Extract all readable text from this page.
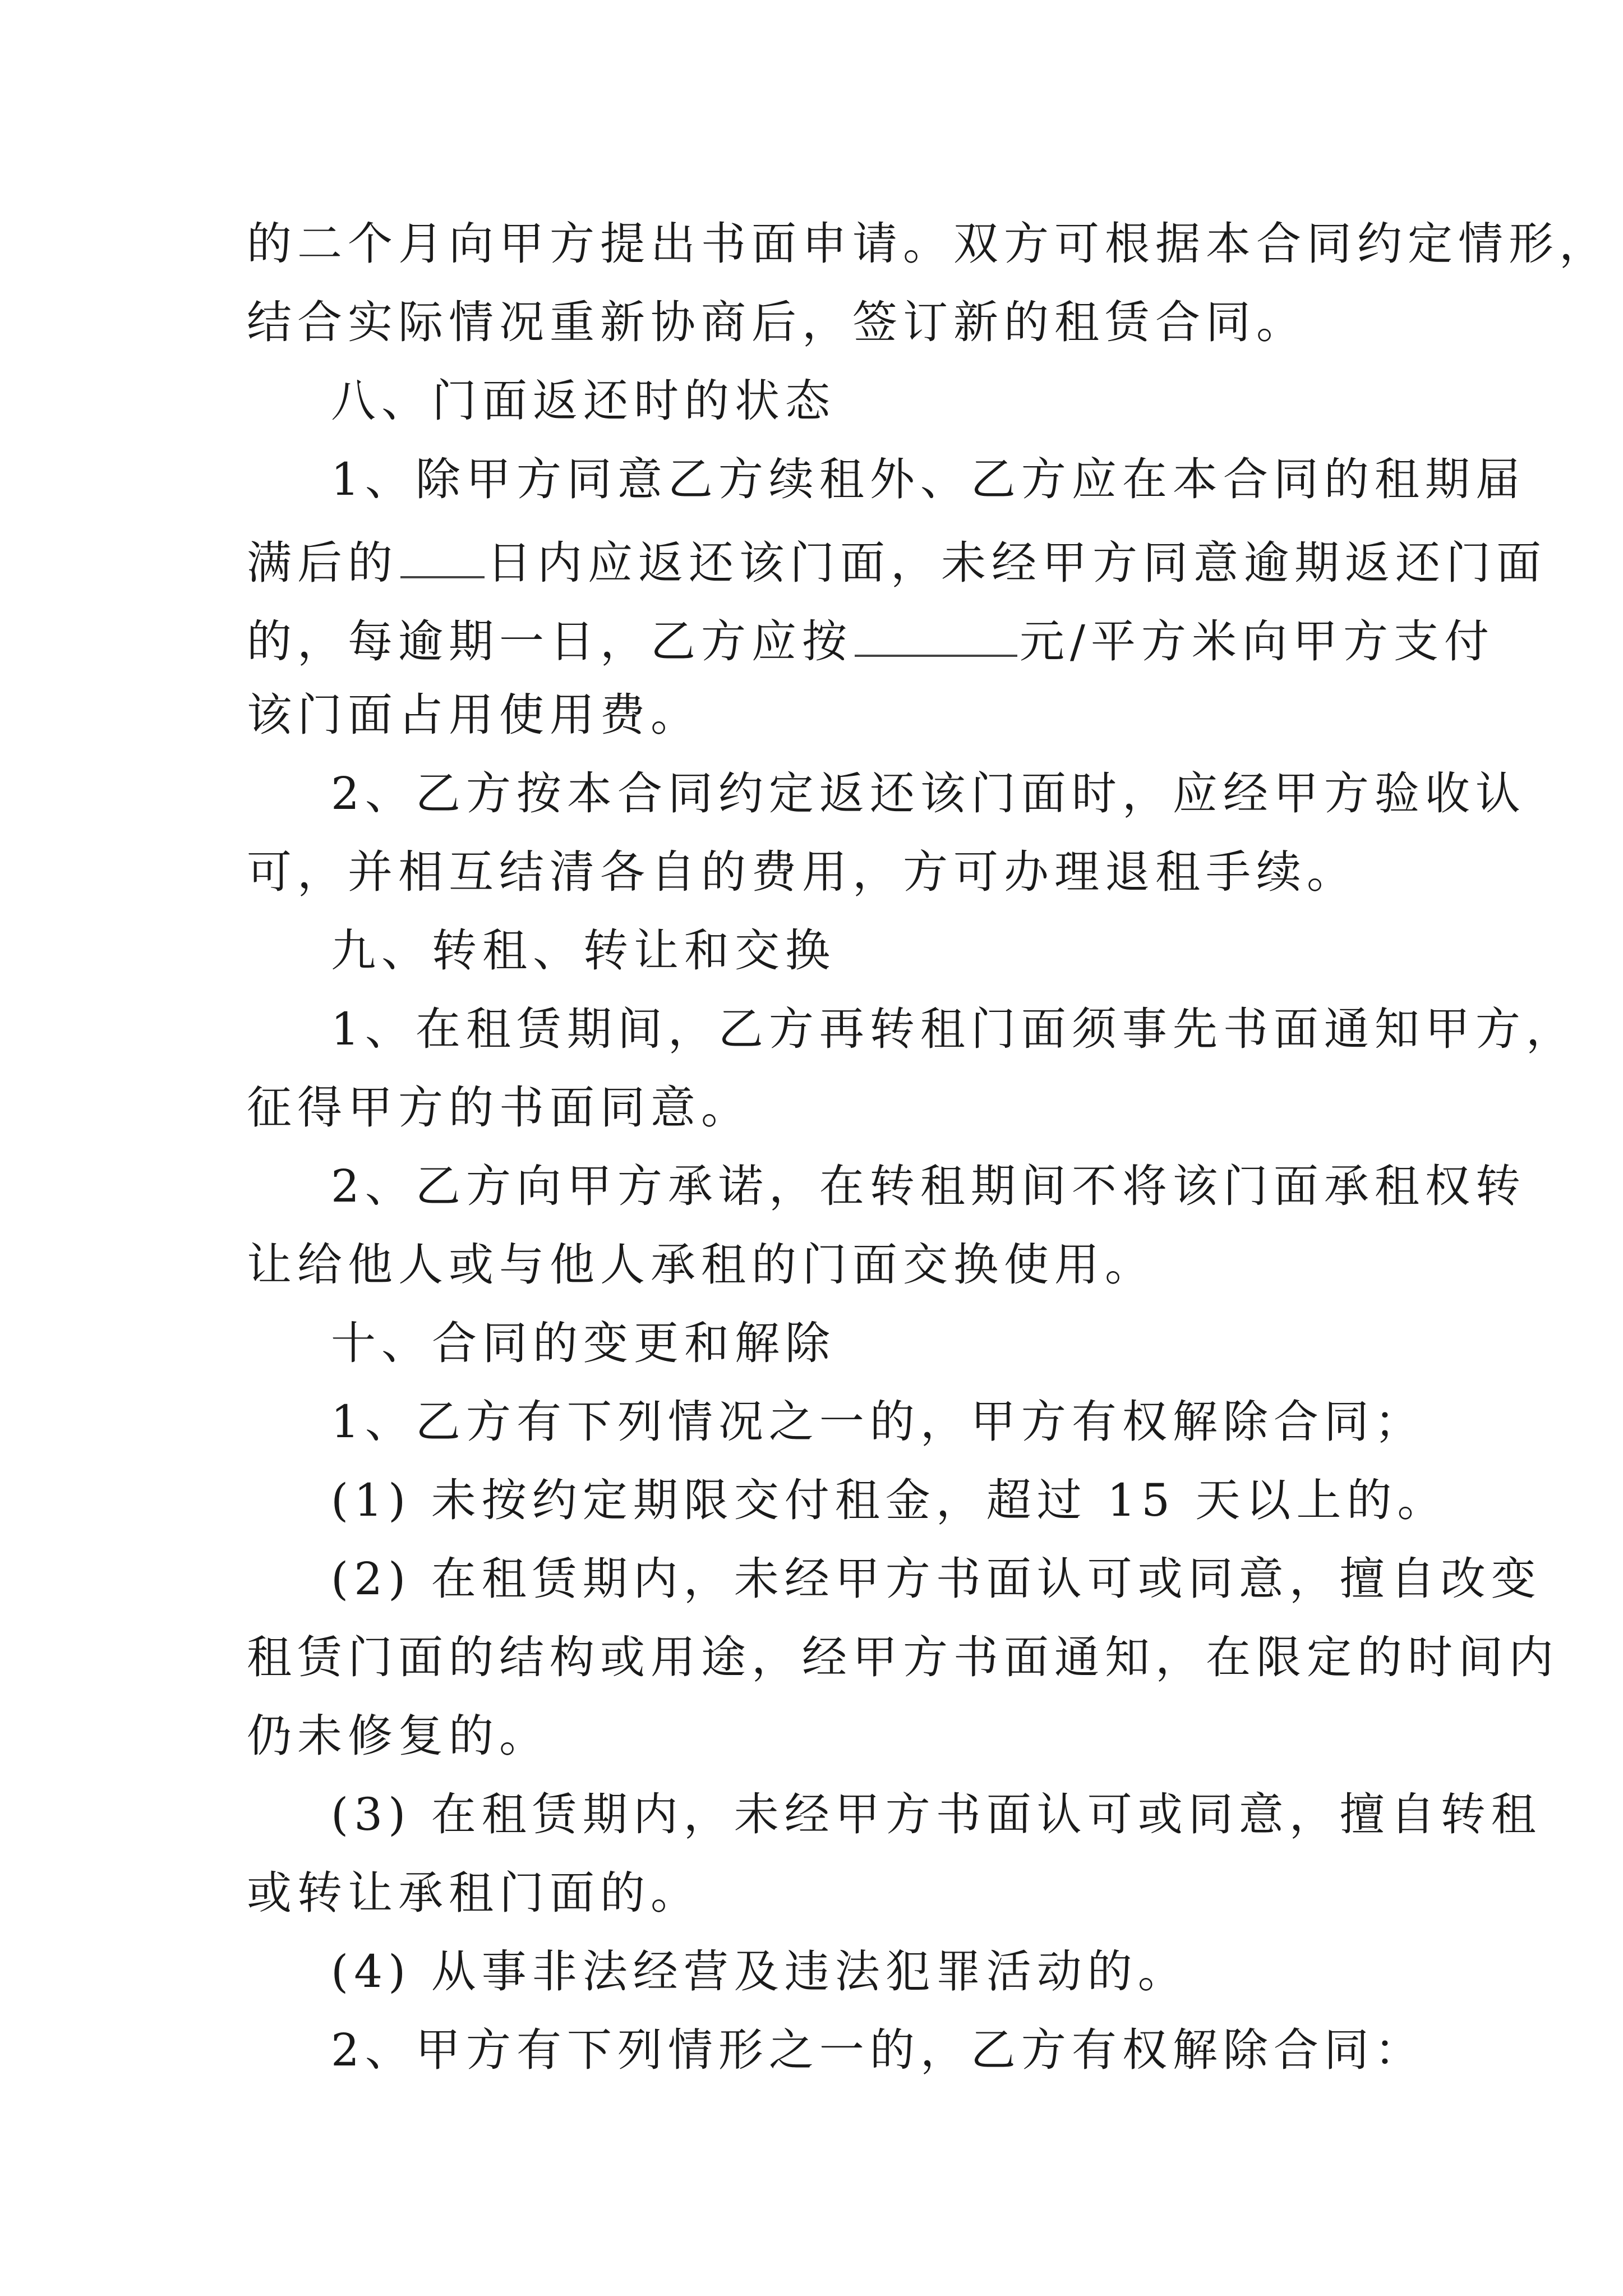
的二个月向甲方提出书面申请。双方可根据本合同约定情形，
结合实际情况重新协商后，签订新的租赁合同。
八、门面返还时的状态
1、除甲方同意乙方续租外、乙方应在本合同的租期届
满后的 日内应返还该门面，未经甲方同意逾期返还门面
的，每逾期一日，乙方应按	元/平方米向甲方支付
该门面占用使用费。
2、乙方按本合同约定返还该门面时，应经甲方验收认
可，并相互结清各自的费用，方可办理退租手续。
九、转租、转让和交换
1、在租赁期间，乙方再转租门面须事先书面通知甲方，
征得甲方的书面同意。
2、乙方向甲方承诺，在转租期间不将该门面承租权转
让给他人或与他人承租的门面交换使用。
十、合同的变更和解除
1、乙方有下列情况之一的，甲方有权解除合同；
(1) 未按约定期限交付租金，超过 15 天以上的。
(2) 在租赁期内，未经甲方书面认可或同意，擅自改变
租赁门面的结构或用途，经甲方书面通知，在限定的时间内
仍未修复的。
(3) 在租赁期内，未经甲方书面认可或同意，擅自转租
或转让承租门面的。
(4) 从事非法经营及违法犯罪活动的。
2、甲方有下列情形之一的，乙方有权解除合同：
